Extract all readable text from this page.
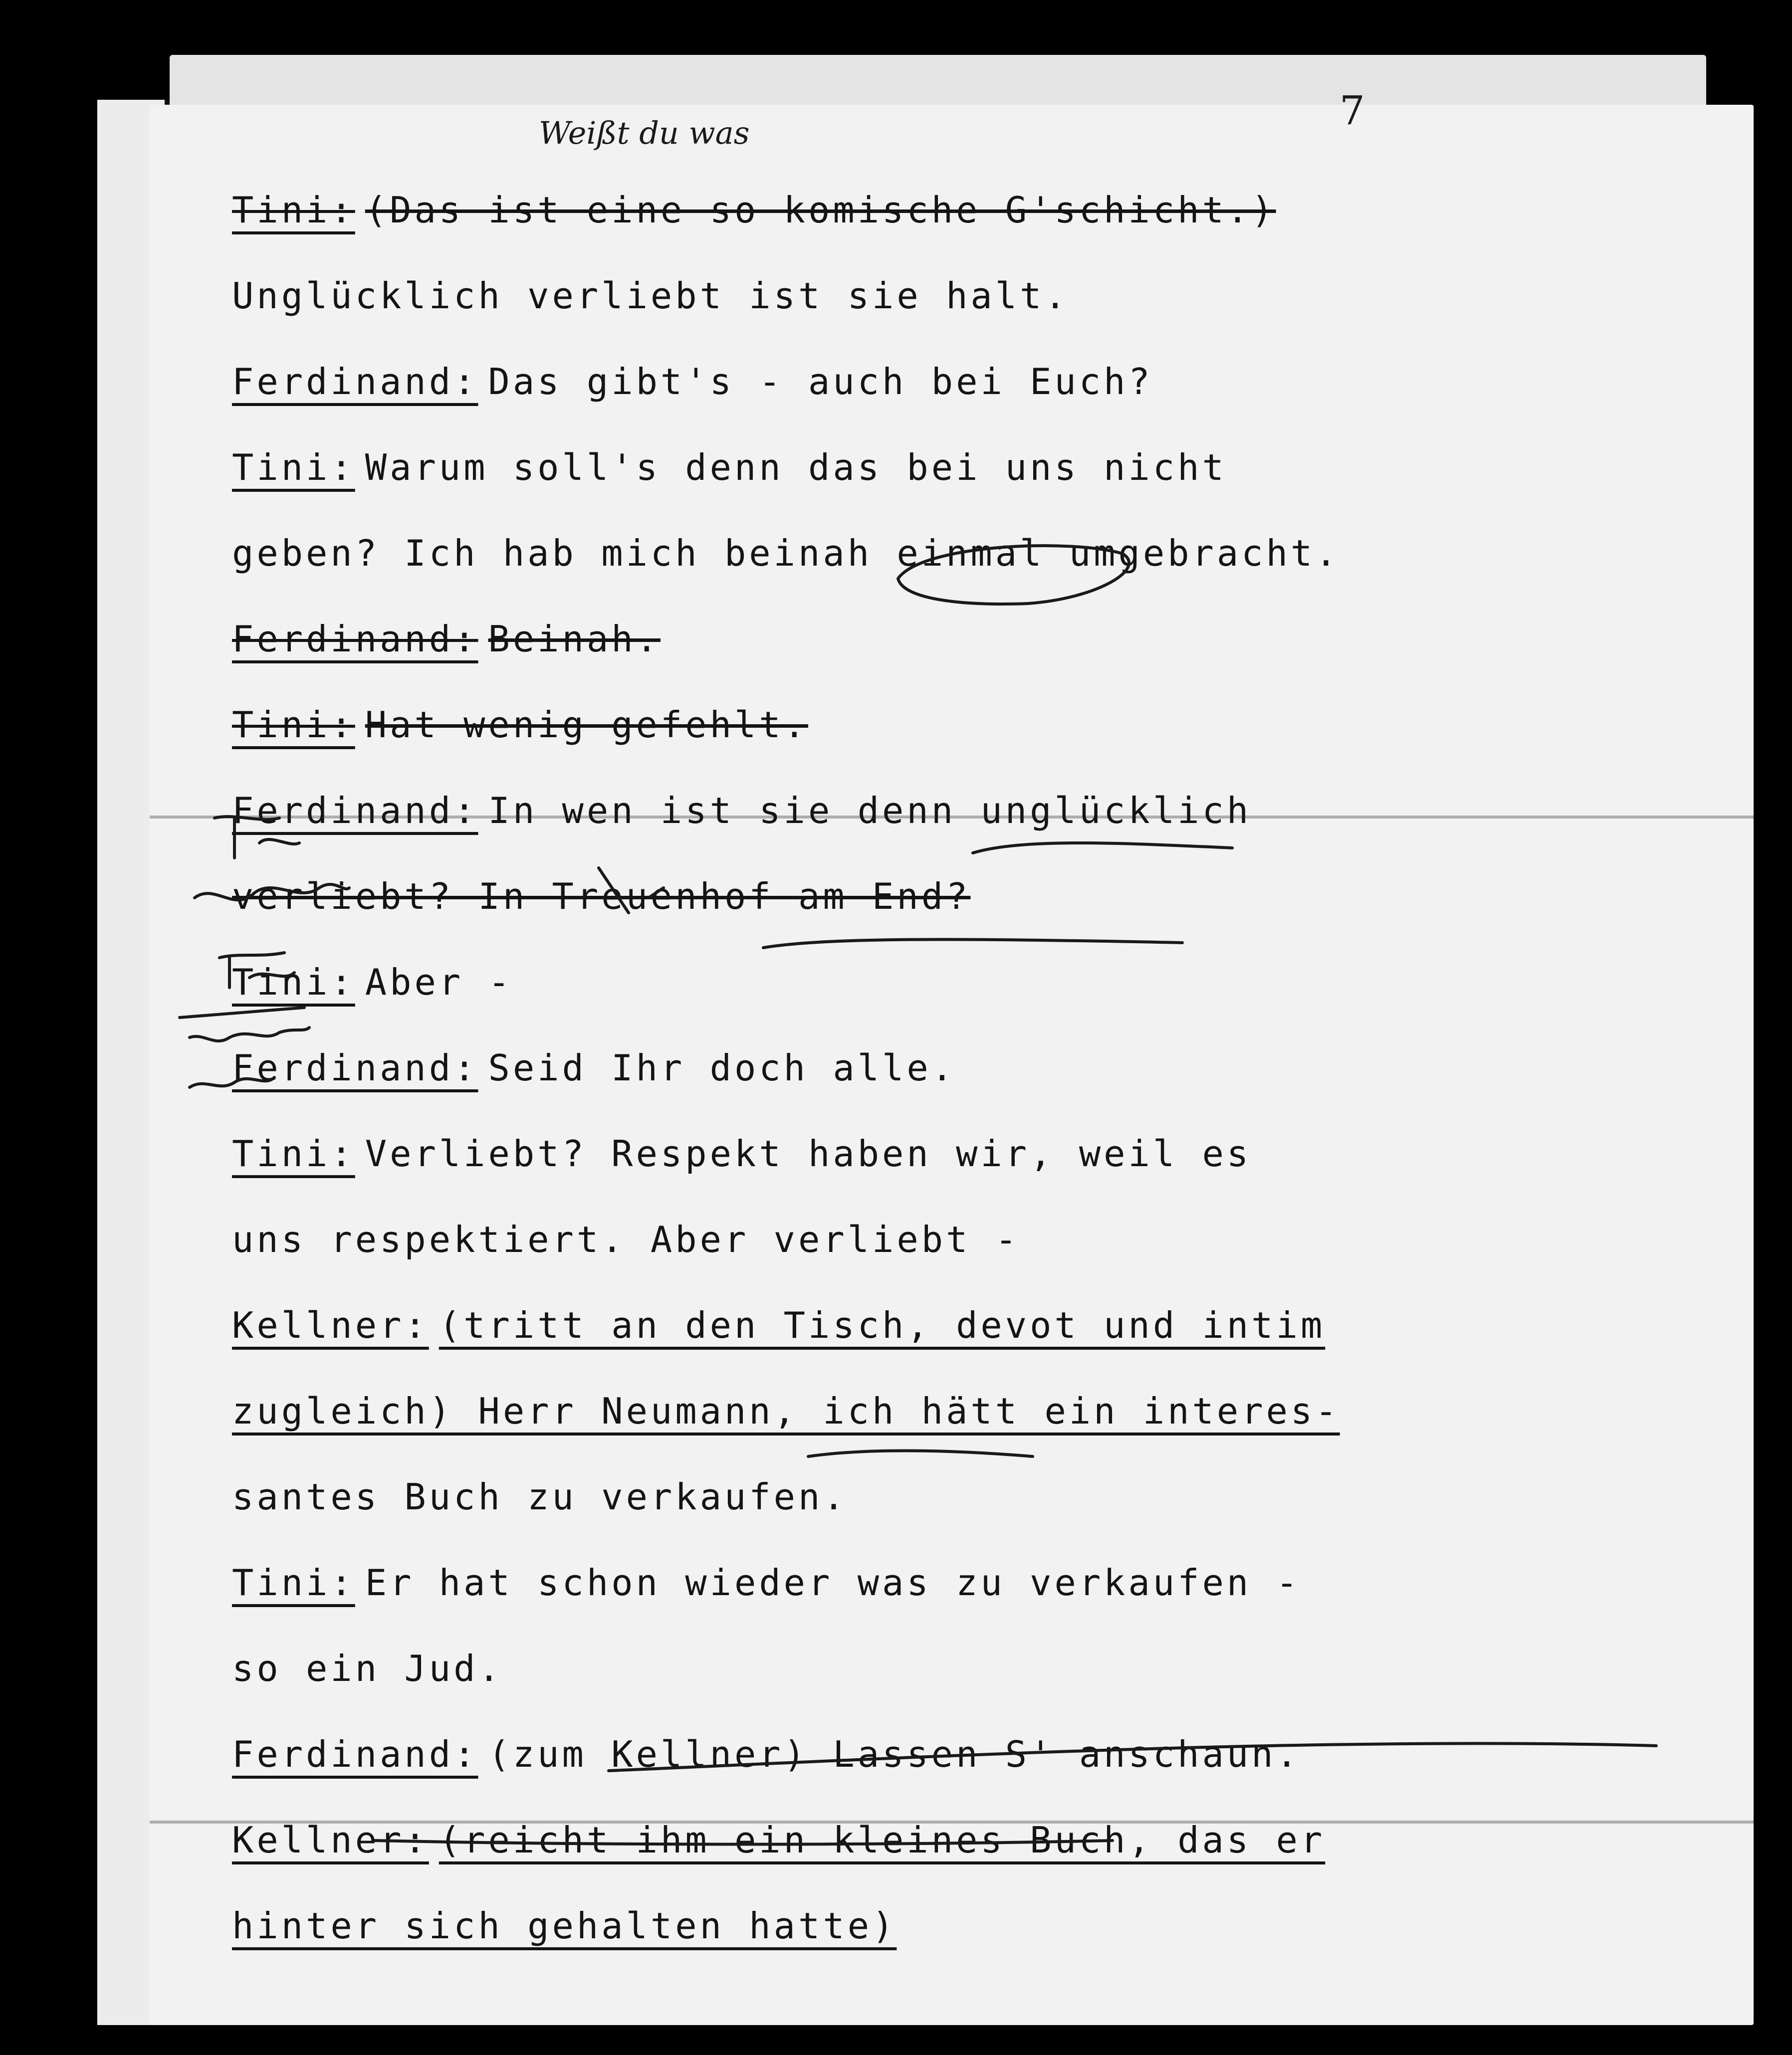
7

Weißt du was

Tini: (Das ist eine so komische G'schicht.)
Unglücklich verliebt ist sie halt.
Ferdinand: Das gibt's - auch bei Euch?
Tini: Warum soll's denn das bei uns nicht
geben? Ich hab mich beinah einmal umgebracht.
Ferdinand: Beinah.
Tini: Hat wenig gefehlt.
Ferdinand: In wen ist sie denn unglücklich
verliebt? In Treuenhof am End?
Tini: Aber -
Ferdinand: Seid Ihr doch alle.
Tini: Verliebt? Respekt haben wir, weil es
uns respektiert. Aber verliebt -
Kellner: (tritt an den Tisch, devot und intim
zugleich) Herr Neumann, ich hätt ein interes-
santes Buch zu verkaufen.
Tini: Er hat schon wieder was zu verkaufen -
so ein Jud.
Ferdinand: (zum Kellner) Lassen S' anschaun.
Kellner: (reicht ihm ein kleines Buch, das er
hinter sich gehalten hatte)
